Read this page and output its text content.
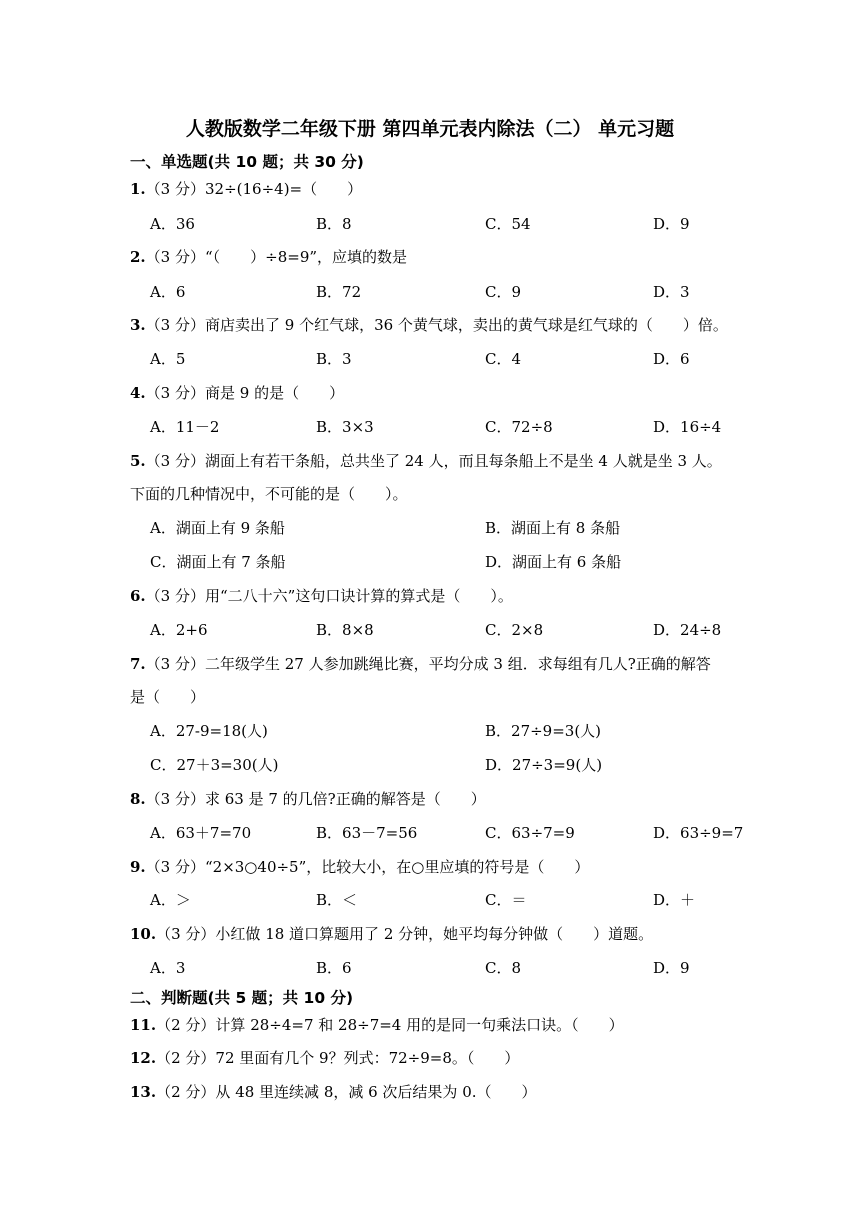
人教版数学二年级下册 第四单元表内除法（二） 单元习题
一、单选题(共 10 题；共 30 分)
1.（3 分）32÷(16÷4)=（　　）
A．36	B．8	C．54	D．9
2.（3 分）“（　　）÷8=9”，应填的数是
A．6	B．72	C．9	D．3
3.（3 分）商店卖出了 9 个红气球，36 个黄气球，卖出的黄气球是红气球的（　　）倍。
A．5	B．3	C．4	D．6
4.（3 分）商是 9 的是（　　）
A．11－2	B．3×3	C．72÷8	D．16÷4
5.（3 分）湖面上有若干条船，总共坐了 24 人，而且每条船上不是坐 4 人就是坐 3 人。
下面的几种情况中，不可能的是（　　）。
A．湖面上有 9 条船	B．湖面上有 8 条船
C．湖面上有 7 条船	D．湖面上有 6 条船
6.（3 分）用“二八十六”这句口诀计算的算式是（　　）。
A．2+6	B．8×8	C．2×8	D．24÷8
7.（3 分）二年级学生 27 人参加跳绳比赛，平均分成 3 组．求每组有几人?正确的解答
是（　　）
A．27-9=18(人)	B．27÷9=3(人)
C．27＋3=30(人)	D．27÷3=9(人)
8.（3 分）求 63 是 7 的几倍?正确的解答是（　　）
A．63＋7=70	B．63－7=56	C．63÷7=9	D．63÷9=7
9.（3 分）“2×3○40÷5”，比较大小，在○里应填的符号是（　　）
A．＞	B．＜	C．＝	D．＋
10.（3 分）小红做 18 道口算题用了 2 分钟，她平均每分钟做（　　）道题。
A．3	B．6	C．8	D．9
二、判断题(共 5 题；共 10 分)
11.（2 分）计算 28÷4=7 和 28÷7=4 用的是同一句乘法口诀。（　　）
12.（2 分）72 里面有几个 9？列式：72÷9=8。（　　）
13.（2 分）从 48 里连续减 8，减 6 次后结果为 0.（　　）
